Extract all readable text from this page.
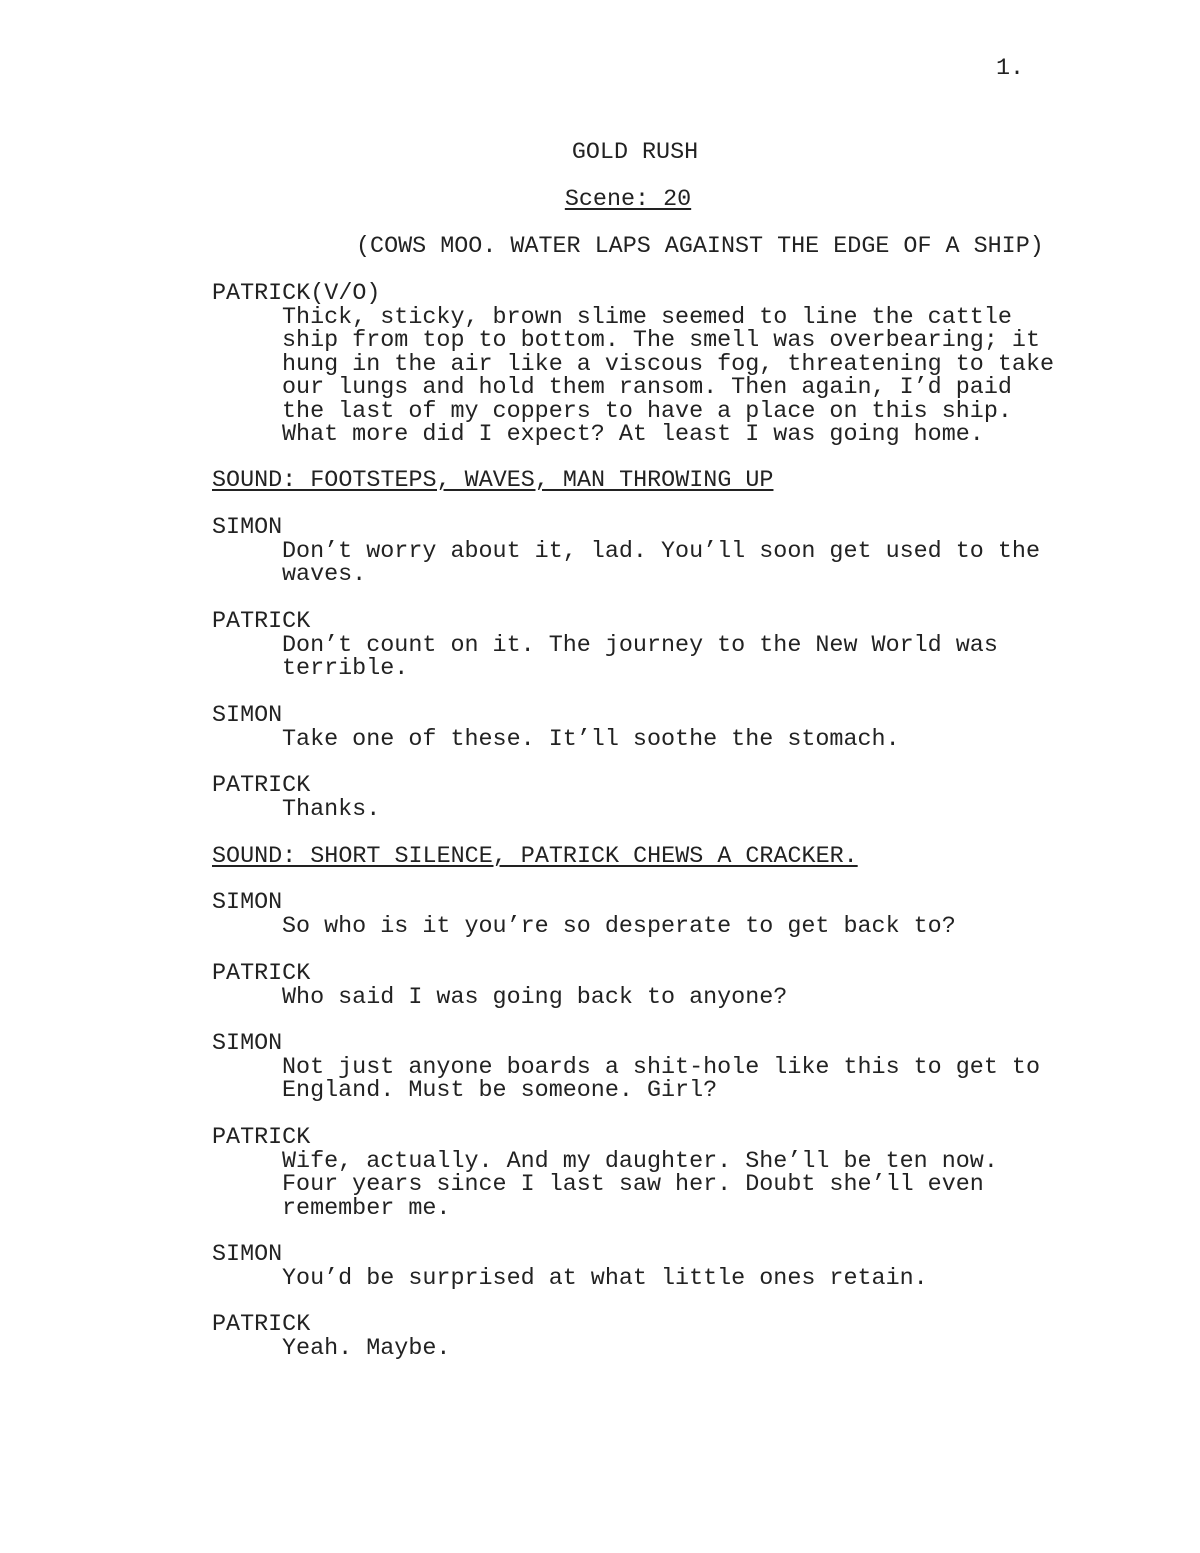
1.
GOLD RUSH
Scene: 20
(COWS MOO. WATER LAPS AGAINST THE EDGE OF A SHIP)
PATRICK(V/O)
Thick, sticky, brown slime seemed to line the cattle
ship from top to bottom. The smell was overbearing; it
hung in the air like a viscous fog, threatening to take
our lungs and hold them ransom. Then again, I’d paid
the last of my coppers to have a place on this ship.
What more did I expect? At least I was going home.
SOUND: FOOTSTEPS, WAVES, MAN THROWING UP
SIMON
Don’t worry about it, lad. You’ll soon get used to the
waves.
PATRICK
Don’t count on it. The journey to the New World was
terrible.
SIMON
Take one of these. It’ll soothe the stomach.
PATRICK
Thanks.
SOUND: SHORT SILENCE, PATRICK CHEWS A CRACKER.
SIMON
So who is it you’re so desperate to get back to?
PATRICK
Who said I was going back to anyone?
SIMON
Not just anyone boards a shit-hole like this to get to
England. Must be someone. Girl?
PATRICK
Wife, actually. And my daughter. She’ll be ten now.
Four years since I last saw her. Doubt she’ll even
remember me.
SIMON
You’d be surprised at what little ones retain.
PATRICK
Yeah. Maybe.
